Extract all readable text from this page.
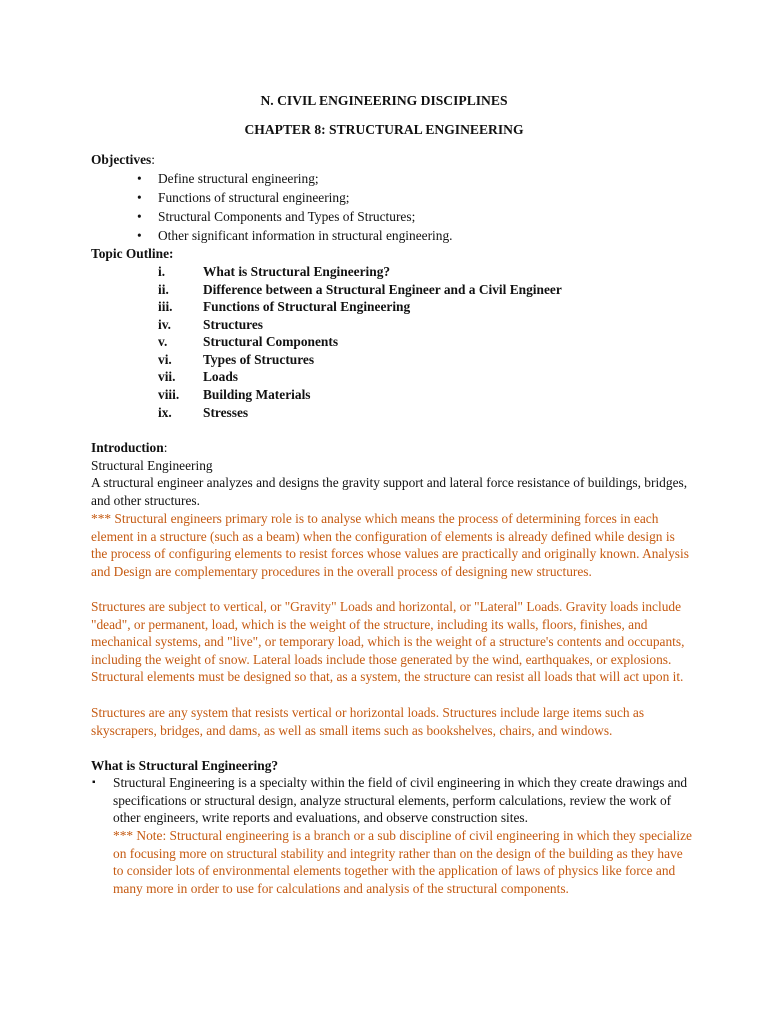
N. CIVIL ENGINEERING DISCIPLINES
CHAPTER 8: STRUCTURAL ENGINEERING
Objectives:
• Define structural engineering;
• Functions of structural engineering;
• Structural Components and Types of Structures;
• Other significant information in structural engineering.
Topic Outline:
i.	What is Structural Engineering?
ii.	Difference between a Structural Engineer and a Civil Engineer
iii. Functions of Structural Engineering
iv. Structures
v.	Structural Components
vi. Types of Structures
vii. Loads
viii. Building Materials
ix. Stresses
Introduction:
Structural Engineering

A structural engineer analyzes and designs the gravity support and lateral force resistance of buildings, bridges, and other structures.

*** Structural engineers primary role is to analyse which means the process of determining forces in each element in a structure (such as a beam) when the configuration of elements is already defined while design is the process of configuring elements to resist forces whose values are practically and originally known. Analysis and Design are complementary procedures in the overall process of designing new structures.

Structures are subject to vertical, or "Gravity" Loads and horizontal, or "Lateral" Loads. Gravity loads include "dead", or permanent, load, which is the weight of the structure, including its walls, floors, finishes, and mechanical systems, and "live", or temporary load, which is the weight of a structure's contents and occupants, including the weight of snow. Lateral loads include those generated by the wind, earthquakes, or explosions. Structural elements must be designed so that, as a system, the structure can resist all loads that will act upon it.

Structures are any system that resists vertical or horizontal loads. Structures include large items such as skyscrapers, bridges, and dams, as well as small items such as bookshelves, chairs, and windows.

What is Structural Engineering?
▪ Structural Engineering is a specialty within the field of civil engineering in which they create drawings and specifications or structural design, analyze structural elements, perform calculations, review the work of other engineers, write reports and evaluations, and observe construction sites.

*** Note: Structural engineering is a branch or a sub discipline of civil engineering in which they specialize on focusing more on structural stability and integrity rather than on the design of the building as they have to consider lots of environmental elements together with the application of laws of physics like force and many more in order to use for calculations and analysis of the structural components.
